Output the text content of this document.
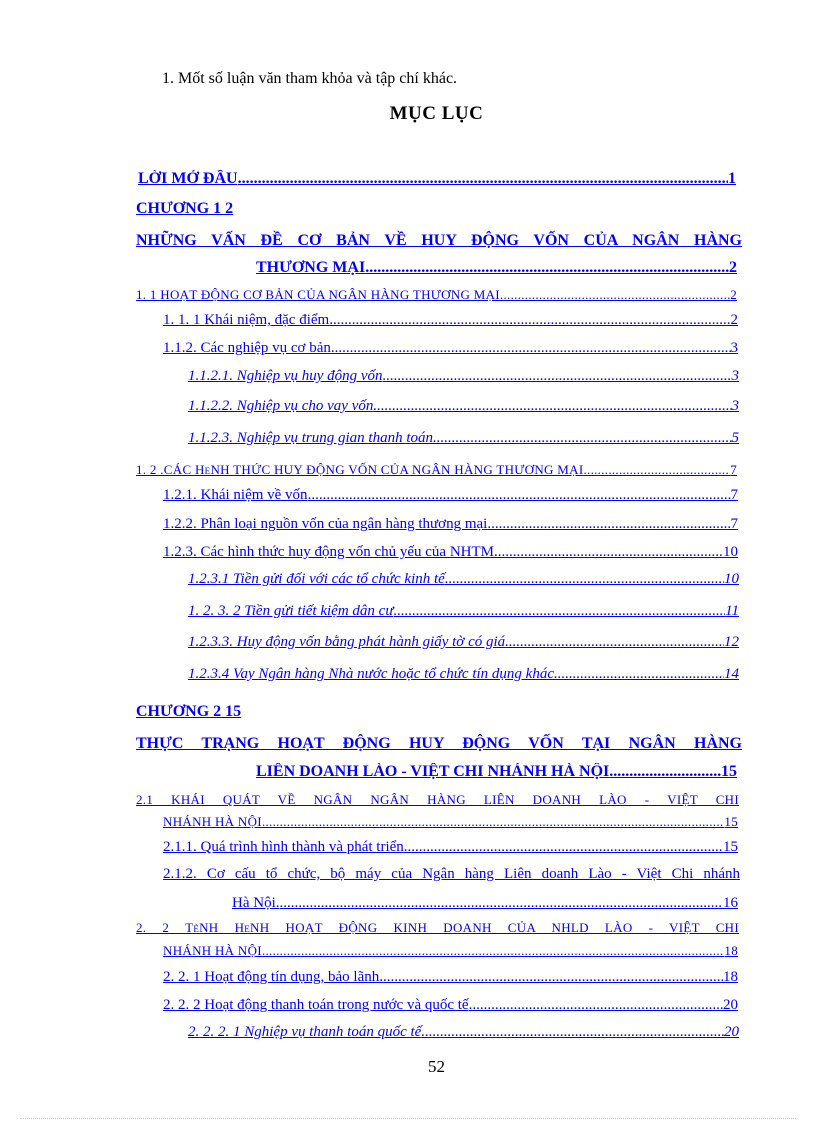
1. Mốt số luận văn tham khỏa và tập chí khác.
MỤC LỤC
LỜI MỞ ĐẦU .....	1
CHƯƠNG 1 2
NHỮNG VẤN ĐỀ CƠ BẢN VỀ HUY ĐỘNG VỐN CỦA NGÂN HÀNG
THƯƠNG MẠI .....	2
1. 1 HOẠT ĐỘNG CƠ BẢN CỦA NGÂN HÀNG THƯƠNG MẠI .....	2
1. 1. 1 Khái niệm, đặc điểm .....	2
1.1.2. Các nghiệp vụ cơ bản .....	3
1.1.2.1. Nghiệp vụ huy động vốn .....	3
1.1.2.2. Nghiệp vụ cho vay vốn .....	3
1.1.2.3. Nghiệp vụ trung gian thanh toán .....	5
1. 2 .CÁC HeNH THỨC HUY ĐỘNG VỐN CỦA NGÂN HÀNG THƯƠNG MẠI .....	7
1.2.1. Khái niệm về vốn .....	7
1.2.2. Phân loại nguồn vốn của ngân hàng thương mại .....	7
1.2.3. Các hình thức huy động vốn chủ yếu của NHTM .....	10
1.2.3.1 Tiền gửi đối với các tổ chức kinh tế .....	10
1. 2. 3. 2 Tiền gửi tiết kiệm dân cư .....	11
1.2.3.3. Huy động vốn bằng phát hành giấy tờ có giá .....	12
1.2.3.4 Vay Ngân hàng Nhà nước hoặc tổ chức tín dụng khác .....	14
CHƯƠNG 2 15
THỰC TRẠNG HOẠT ĐỘNG HUY ĐỘNG VỐN TẠI NGÂN HÀNG
LIÊN DOANH LÀO - VIỆT CHI NHÁNH HÀ NỘI .....	15
2.1 KHÁI QUÁT VỀ NGÂN NGÂN HÀNG LIÊN DOANH LÀO - VIỆT CHI
NHÁNH HÀ NỘI .....	15
2.1.1. Quá trình hình thành và phát triển .....	15
2.1.2. Cơ cấu tổ chức, bộ máy của Ngân hàng Liên doanh Lào - Việt Chi nhánh
Hà Nội. .....	16
2. 2 TèNH HeNH HOẠT ĐỘNG KINH DOANH CỦA NHLD LÀO - VIỆT CHI
NHÁNH HÀ NỘI .....	18
2. 2. 1 Hoạt động tín dụng, bảo lãnh .....	18
2. 2. 2 Hoạt động thanh toán trong nước và quốc tế .....	20
2. 2. 2. 1 Nghiệp vụ thanh toán quốc tế .....	20
52
